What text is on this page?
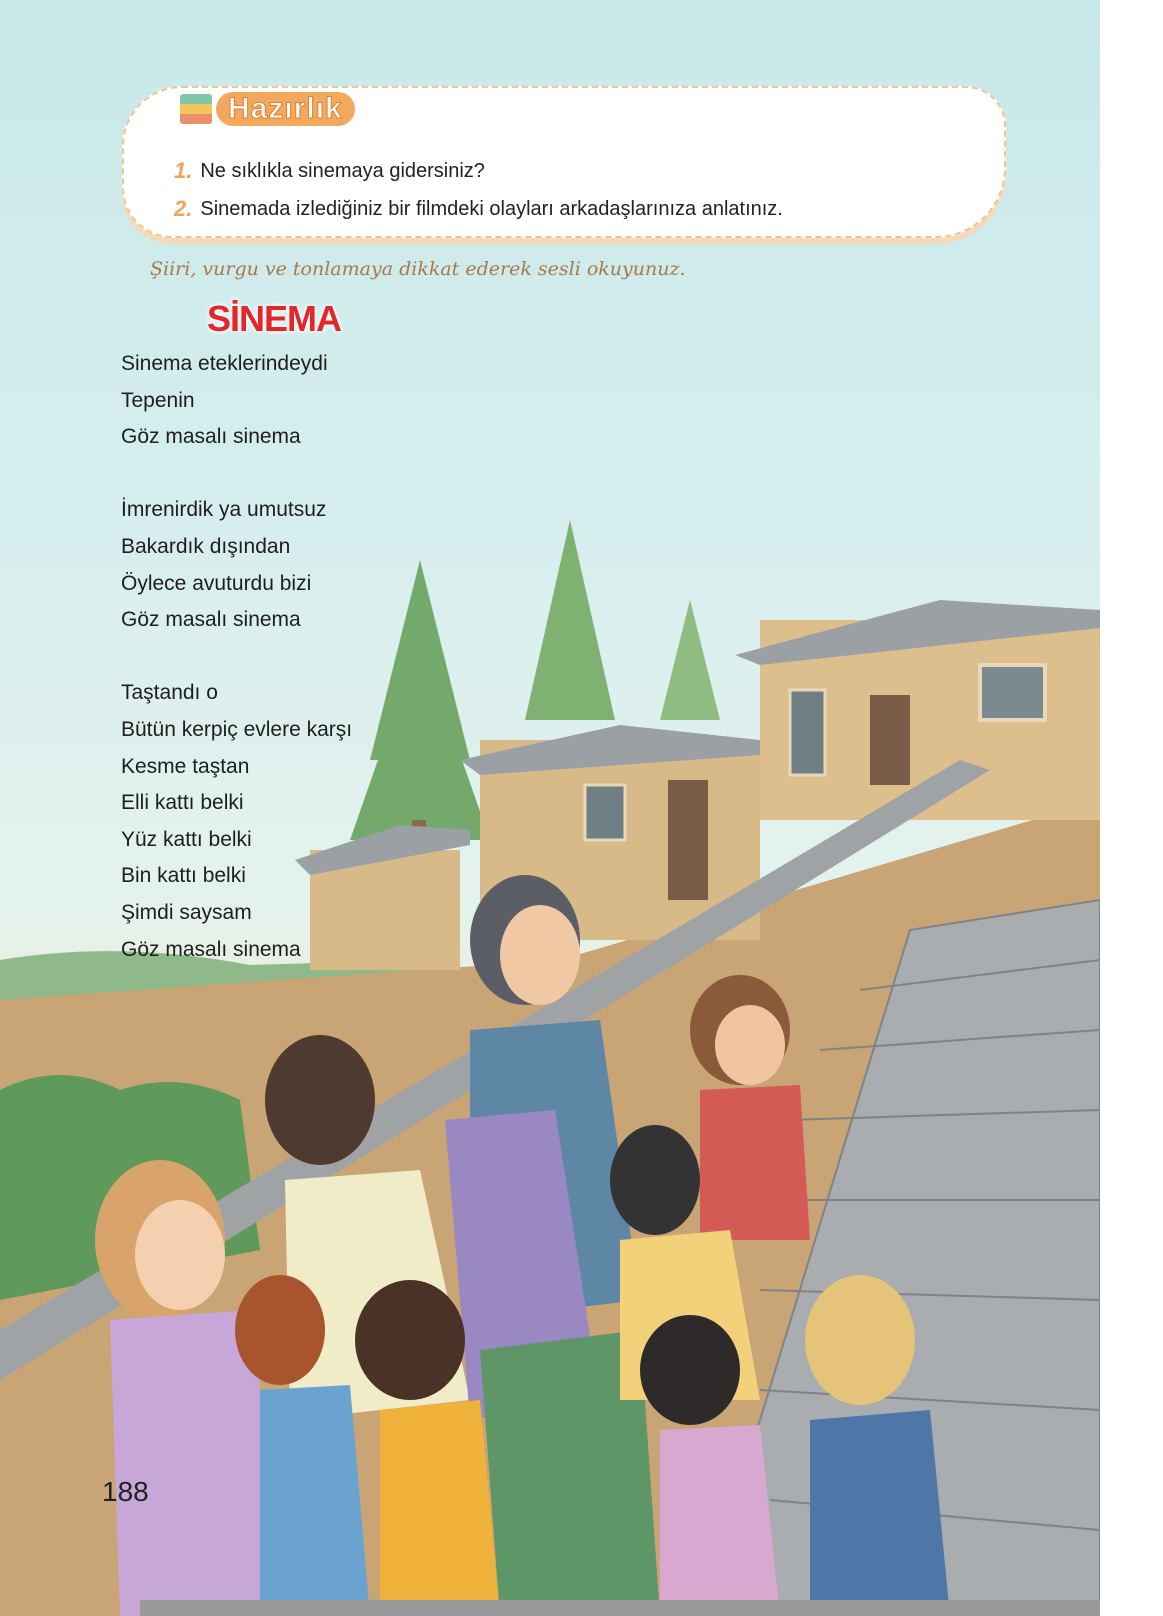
Hazırlık
1. Ne sıklıkla sinemaya gidersiniz?
2. Sinemada izlediğiniz bir filmdeki olayları arkadaşlarınıza anlatınız.
Şiiri, vurgu ve tonlamaya dikkat ederek sesli okuyunuz.
SİNEMA
Sinema eteklerindeydi
Tepenin
Göz masalı sinema
İmrenirdik ya umutsuz
Bakardık dışından
Öylece avuturdu bizi
Göz masalı sinema
Taştandı o
Bütün kerpiç evlere karşı
Kesme taştan
Elli kattı belki
Yüz kattı belki
Bin kattı belki
Şimdi saysam
Göz masalı sinema
188
